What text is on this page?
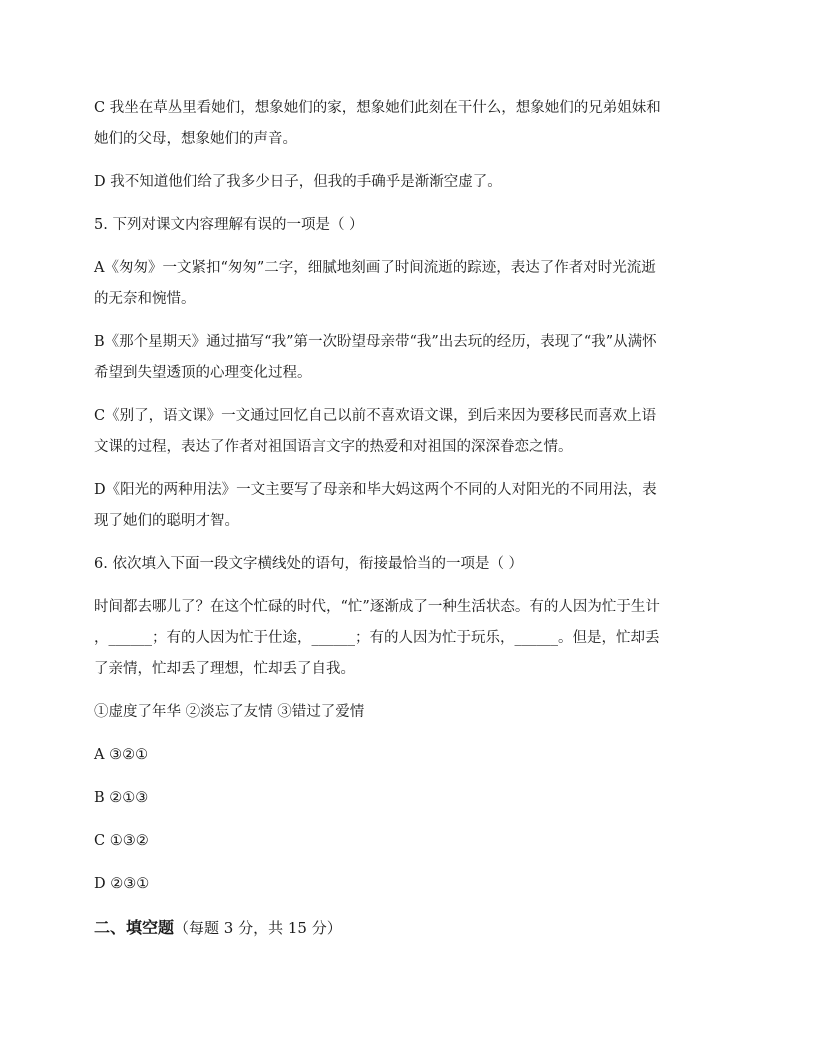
C 我坐在草丛里看她们，想象她们的家，想象她们此刻在干什么，想象她们的兄弟姐妹和

她们的父母，想象她们的声音。

D 我不知道他们给了我多少日子，但我的手确乎是渐渐空虚了。

5. 下列对课文内容理解有误的一项是（ ）

A《匆匆》一文紧扣“匆匆”二字，细腻地刻画了时间流逝的踪迹，表达了作者对时光流逝

的无奈和惋惜。

B《那个星期天》通过描写“我”第一次盼望母亲带“我”出去玩的经历，表现了“我”从满怀

希望到失望透顶的心理变化过程。

C《别了，语文课》一文通过回忆自己以前不喜欢语文课，到后来因为要移民而喜欢上语

文课的过程，表达了作者对祖国语言文字的热爱和对祖国的深深眷恋之情。

D《阳光的两种用法》一文主要写了母亲和毕大妈这两个不同的人对阳光的不同用法，表

现了她们的聪明才智。

6. 依次填入下面一段文字横线处的语句，衔接最恰当的一项是（ ）

时间都去哪儿了？在这个忙碌的时代，“忙”逐渐成了一种生活状态。有的人因为忙于生计

，______；有的人因为忙于仕途，______；有的人因为忙于玩乐，______。但是，忙却丢

了亲情，忙却丢了理想，忙却丢了自我。

①虚度了年华 ②淡忘了友情 ③错过了爱情

A ③②①

B ②①③

C ①③②

D ②③①

二、填空题（每题 3 分，共 15 分）
